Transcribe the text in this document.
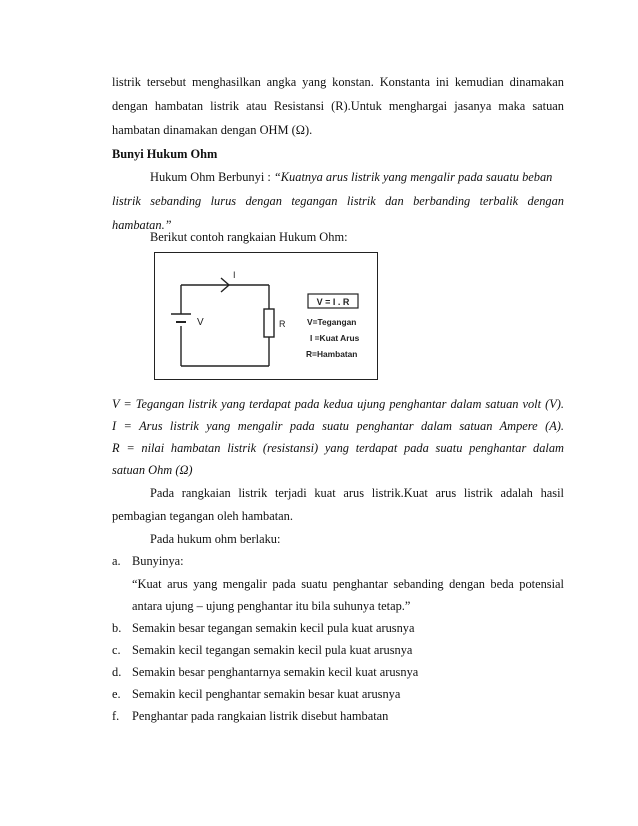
listrik tersebut menghasilkan angka yang konstan. Konstanta ini kemudian dinamakan
dengan hambatan listrik atau Resistansi (R).Untuk menghargai jasanya maka satuan
hambatan dinamakan dengan OHM (Ω).
Bunyi Hukum Ohm
Hukum Ohm Berbunyi : “Kuatnya arus listrik yang mengalir pada sauatu beban
listrik sebanding lurus dengan tegangan listrik dan berbanding terbalik dengan
hambatan.”
Berikut contoh rangkaian Hukum Ohm:
I
V	R
V = I . R
V=Tegangan
I =Kuat Arus
R=Hambatan
V = Tegangan listrik yang terdapat pada kedua ujung penghantar dalam satuan volt (V).
I = Arus listrik yang mengalir pada suatu penghantar dalam satuan Ampere (A).
R = nilai hambatan listrik (resistansi) yang terdapat pada suatu penghantar dalam
satuan Ohm (Ω)
Pada rangkaian listrik terjadi kuat arus listrik.Kuat arus listrik adalah hasil
pembagian tegangan oleh hambatan.
Pada hukum ohm berlaku:
a. Bunyinya:
“Kuat arus yang mengalir pada suatu penghantar sebanding dengan beda potensial
antara ujung – ujung penghantar itu bila suhunya tetap.”
b. Semakin besar tegangan semakin kecil pula kuat arusnya
c. Semakin kecil tegangan semakin kecil pula kuat arusnya
d. Semakin besar penghantarnya semakin kecil kuat arusnya
e. Semakin kecil penghantar semakin besar kuat arusnya
f. Penghantar pada rangkaian listrik disebut hambatan
